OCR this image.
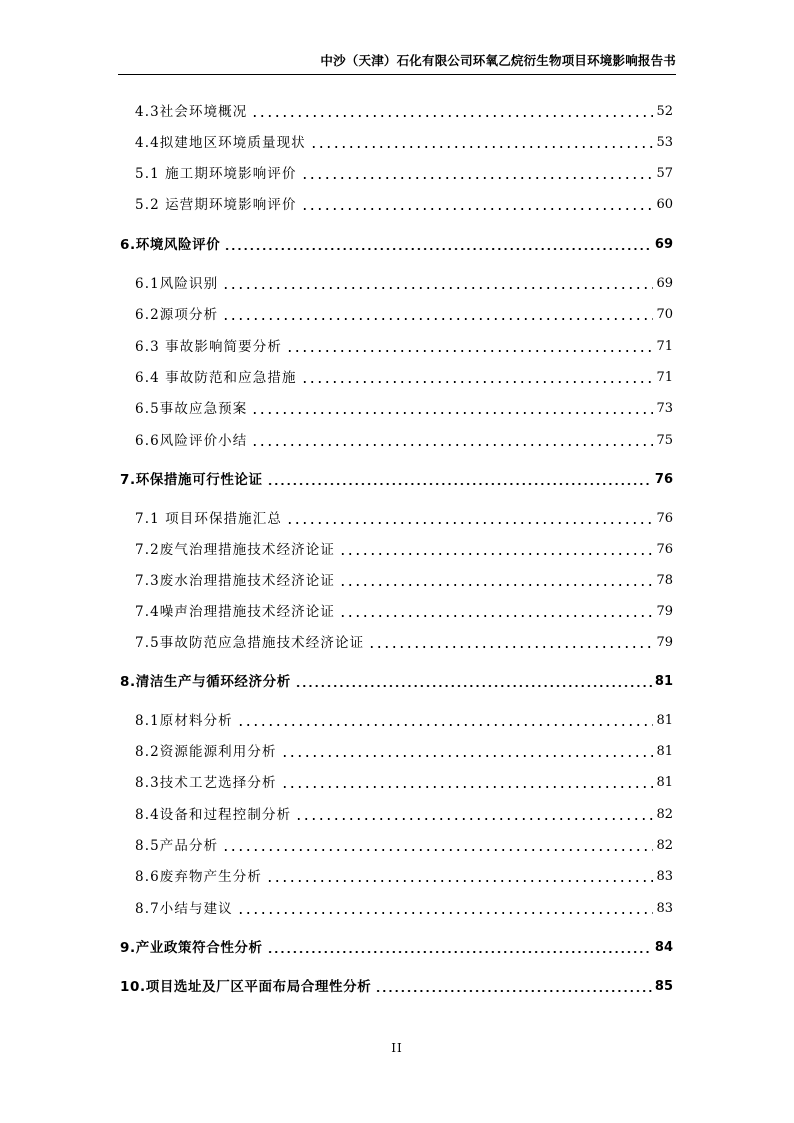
中沙（天津）石化有限公司环氧乙烷衍生物项目环境影响报告书
4.3社会环境概况	52
4.4拟建地区环境质量现状	53
5.1 施工期环境影响评价	57
5.2 运营期环境影响评价	60
6.环境风险评价	69
6.1风险识别	69
6.2源项分析	70
6.3 事故影响简要分析	71
6.4 事故防范和应急措施	71
6.5事故应急预案	73
6.6风险评价小结	75
7.环保措施可行性论证	76
7.1 项目环保措施汇总	76
7.2废气治理措施技术经济论证	76
7.3废水治理措施技术经济论证	78
7.4噪声治理措施技术经济论证	79
7.5事故防范应急措施技术经济论证	79
8.清洁生产与循环经济分析	81
8.1原材料分析	81
8.2资源能源利用分析	81
8.3技术工艺选择分析	81
8.4设备和过程控制分析	82
8.5产品分析	82
8.6废弃物产生分析	83
8.7小结与建议	83
9.产业政策符合性分析	84
10.项目选址及厂区平面布局合理性分析	85
II
